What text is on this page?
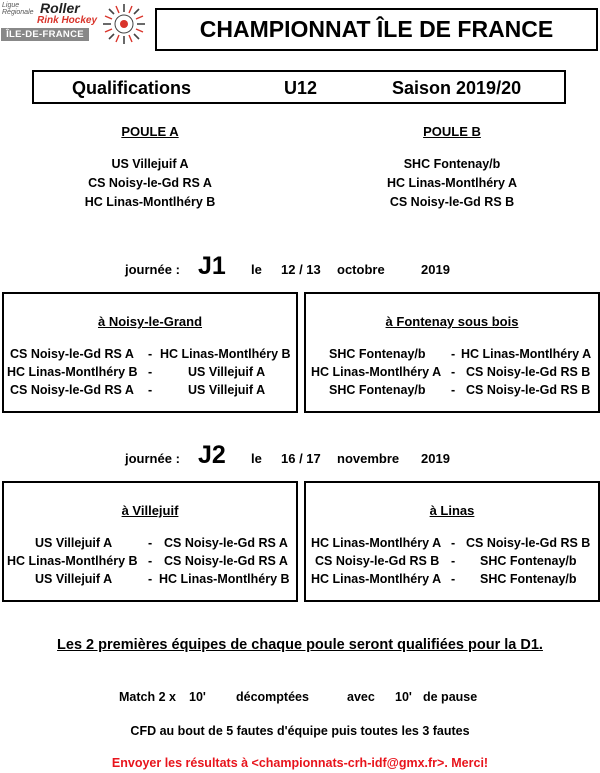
Ligue
Régionale Roller
Rink Hockey
ÎLE-DE-FRANCE	CHAMPIONNAT ÎLE DE FRANCE
Qualifications	U12	Saison 2019/20
POULE A
US Villejuif A
CS Noisy-le-Gd RS A
HC Linas-Montlhéry B
POULE B
SHC Fontenay/b
HC Linas-Montlhéry A
CS Noisy-le-Gd RS B
journée : J1 le 12 / 13 octobre	2019
à Noisy-le-Grand
CS Noisy-le-Gd RS A - HC Linas-Montlhéry B
HC Linas-Montlhéry B -	US Villejuif A
CS Noisy-le-Gd RS A -	US Villejuif A
à Fontenay sous bois
SHC Fontenay/b - HC Linas-Montlhéry A
HC Linas-Montlhéry A - CS Noisy-le-Gd RS B
SHC Fontenay/b - CS Noisy-le-Gd RS B
journée : J2 le 16 / 17 novembre 2019
à Villejuif
US Villejuif A	- CS Noisy-le-Gd RS A
HC Linas-Montlhéry B - CS Noisy-le-Gd RS A
US Villejuif A	- HC Linas-Montlhéry B
à Linas
HC Linas-Montlhéry A - CS Noisy-le-Gd RS B
CS Noisy-le-Gd RS B - SHC Fontenay/b
HC Linas-Montlhéry A - SHC Fontenay/b
Les 2 premières équipes de chaque poule seront qualifiées pour la D1.
Match 2 x 10' décomptées	avec 10' de pause
CFD au bout de 5 fautes d'équipe puis toutes les 3 fautes
Envoyer les résultats à <championnats-crh-idf@gmx.fr>. Merci!
